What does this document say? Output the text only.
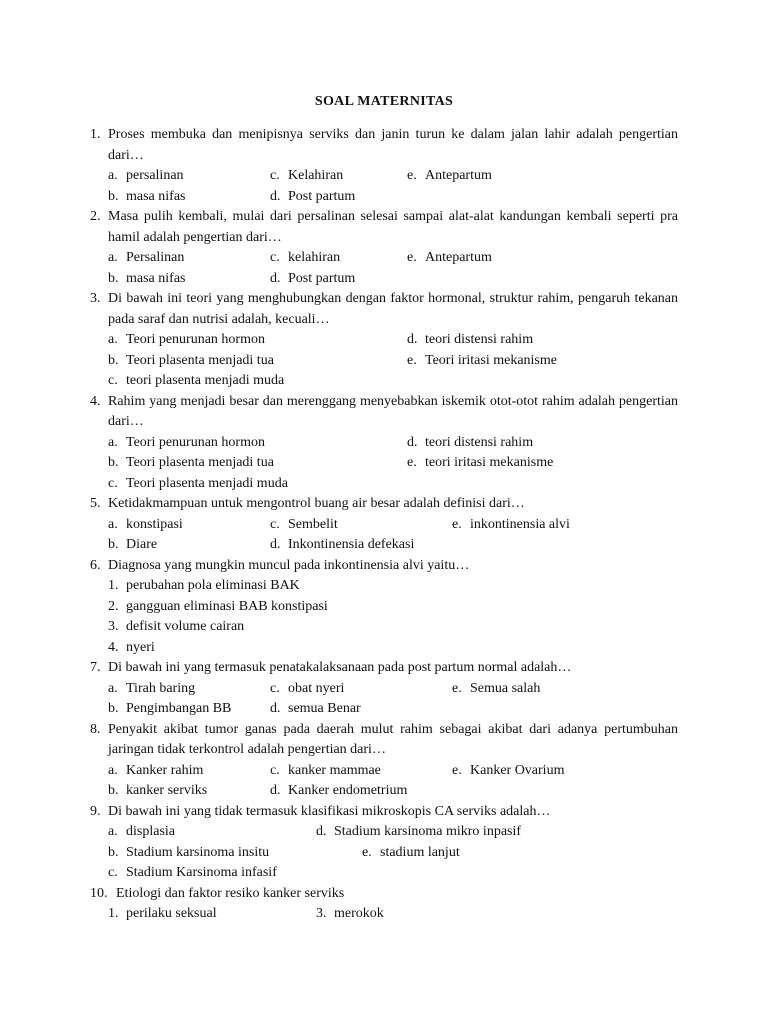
SOAL MATERNITAS
1. Proses membuka dan menipisnya serviks dan janin turun ke dalam jalan lahir adalah pengertian dari…
a. persalinan	c. Kelahiran	e. Antepartum
b. masa nifas	d. Post partum
2. Masa pulih kembali, mulai dari persalinan selesai sampai alat-alat kandungan kembali seperti pra hamil adalah pengertian dari…
a. Persalinan	c. kelahiran	e. Antepartum
b. masa nifas	d. Post partum
3. Di bawah ini teori yang menghubungkan dengan faktor hormonal, struktur rahim, pengaruh tekanan pada saraf dan nutrisi adalah, kecuali…
a. Teori penurunan hormon	d. teori distensi rahim
b. Teori plasenta menjadi tua	e. Teori iritasi mekanisme
c. teori plasenta menjadi muda
4. Rahim yang menjadi besar dan merenggang menyebabkan iskemik otot-otot rahim adalah pengertian dari…
a. Teori penurunan hormon	d. teori distensi rahim
b. Teori plasenta menjadi tua	e. teori iritasi mekanisme
c. Teori plasenta menjadi muda
5. Ketidakmampuan untuk mengontrol buang air besar adalah definisi dari…
a. konstipasi	c. Sembelit	e. inkontinensia alvi
b. Diare	d. Inkontinensia defekasi
6. Diagnosa yang mungkin muncul pada inkontinensia alvi yaitu…
1. perubahan pola eliminasi BAK
2. gangguan eliminasi BAB konstipasi
3. defisit volume cairan
4. nyeri
7. Di bawah ini yang termasuk penatakalaksanaan pada post partum normal adalah…
a. Tirah baring	c. obat nyeri	e. Semua salah
b. Pengimbangan BB	d. semua Benar
8. Penyakit akibat tumor ganas pada daerah mulut rahim sebagai akibat dari adanya pertumbuhan jaringan tidak terkontrol adalah pengertian dari…
a. Kanker rahim	c. kanker mammae	e. Kanker Ovarium
b. kanker serviks	d. Kanker endometrium
9. Di bawah ini yang tidak termasuk klasifikasi mikroskopis CA serviks adalah…
a. displasia	d. Stadium karsinoma mikro inpasif
b. Stadium karsinoma insitu	e. stadium lanjut
c. Stadium Karsinoma infasif
10. Etiologi dan faktor resiko kanker serviks
1. perilaku seksual	3. merokok
